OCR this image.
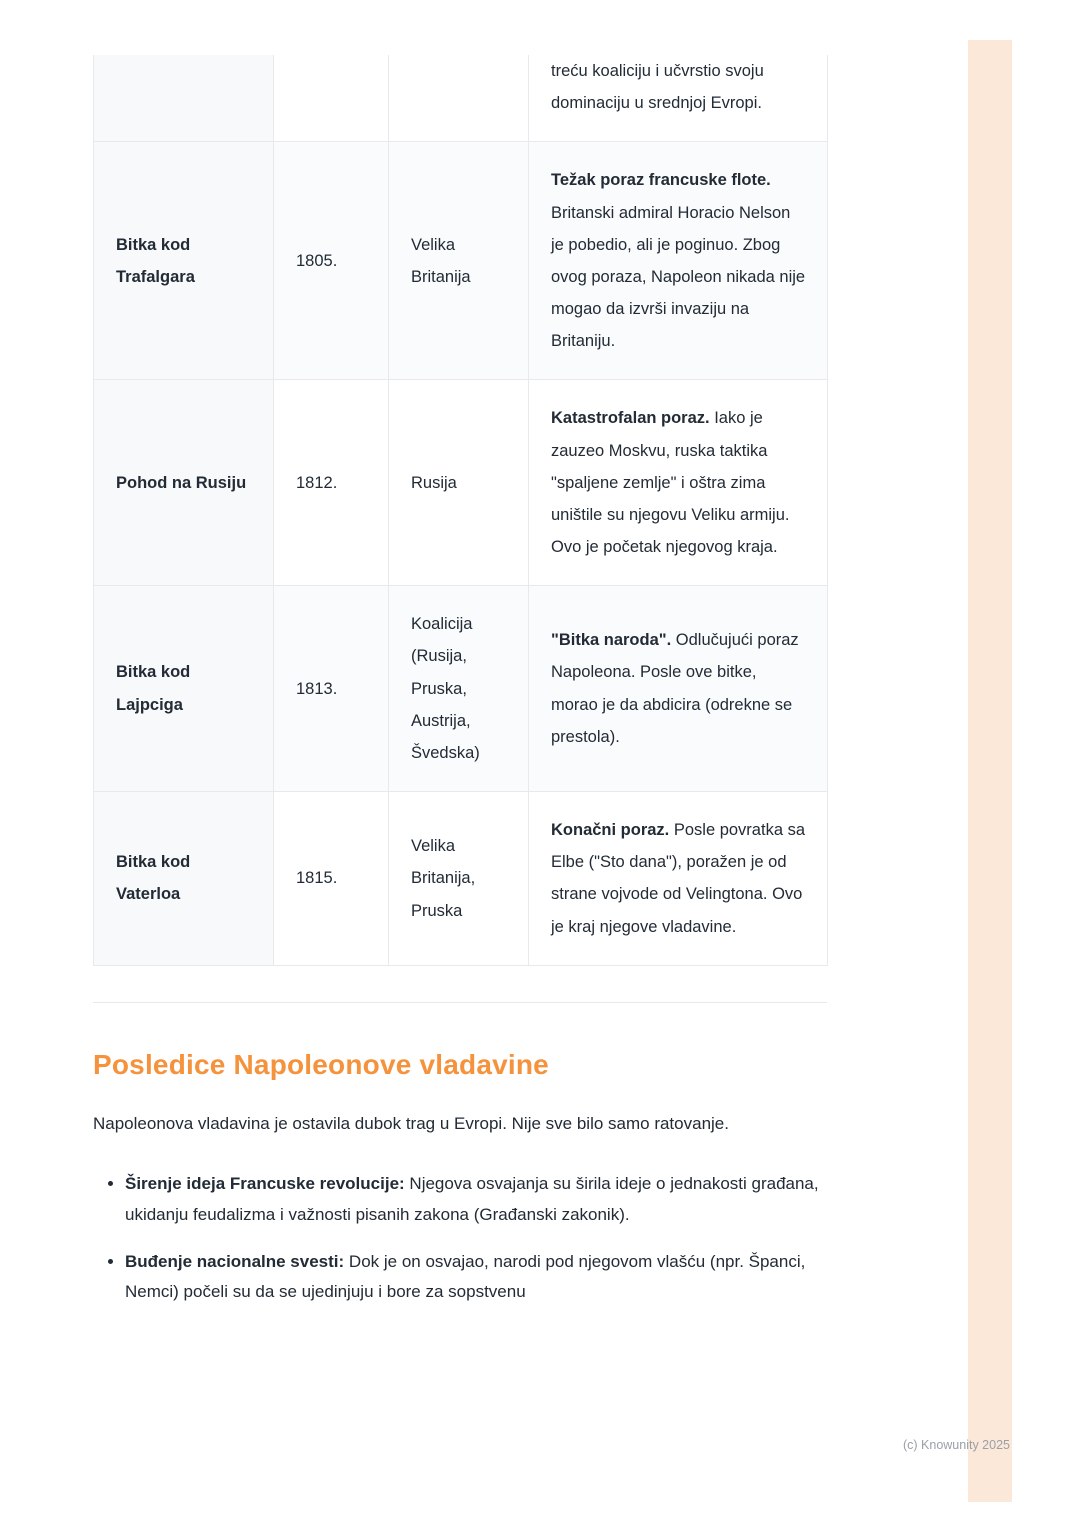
			treću koaliciju i učvrstio svoju dominaciju u srednjoj Evropi.
Bitka kod Trafalgara	1805.	Velika Britanija	Težak poraz francuske flote. Britanski admiral Horacio Nelson je pobedio, ali je poginuo. Zbog ovog poraza, Napoleon nikada nije mogao da izvrši invaziju na Britaniju.
Pohod na Rusiju	1812.	Rusija	Katastrofalan poraz. Iako je zauzeo Moskvu, ruska taktika "spaljene zemlje" i oštra zima uništile su njegovu Veliku armiju. Ovo je početak njegovog kraja.
Bitka kod Lajpciga	1813.	Koalicija (Rusija, Pruska, Austrija, Švedska)	"Bitka naroda". Odlučujući poraz Napoleona. Posle ove bitke, morao je da abdicira (odrekne se prestola).
Bitka kod Vaterloa	1815.	Velika Britanija, Pruska	Konačni poraz. Posle povratka sa Elbe ("Sto dana"), poražen je od strane vojvode od Velingtona. Ovo je kraj njegove vladavine.
Posledice Napoleonove vladavine

Napoleonova vladavina je ostavila dubok trag u Evropi. Nije sve bilo samo ratovanje.

• Širenje ideja Francuske revolucije: Njegova osvajanja su širila ideje o jednakosti građana, ukidanju feudalizma i važnosti pisanih zakona (Građanski zakonik).
• Buđenje nacionalne svesti: Dok je on osvajao, narodi pod njegovom vlašću (npr. Španci, Nemci) počeli su da se ujedinjuju i bore za sopstvenu
(c) Knowunity 2025
